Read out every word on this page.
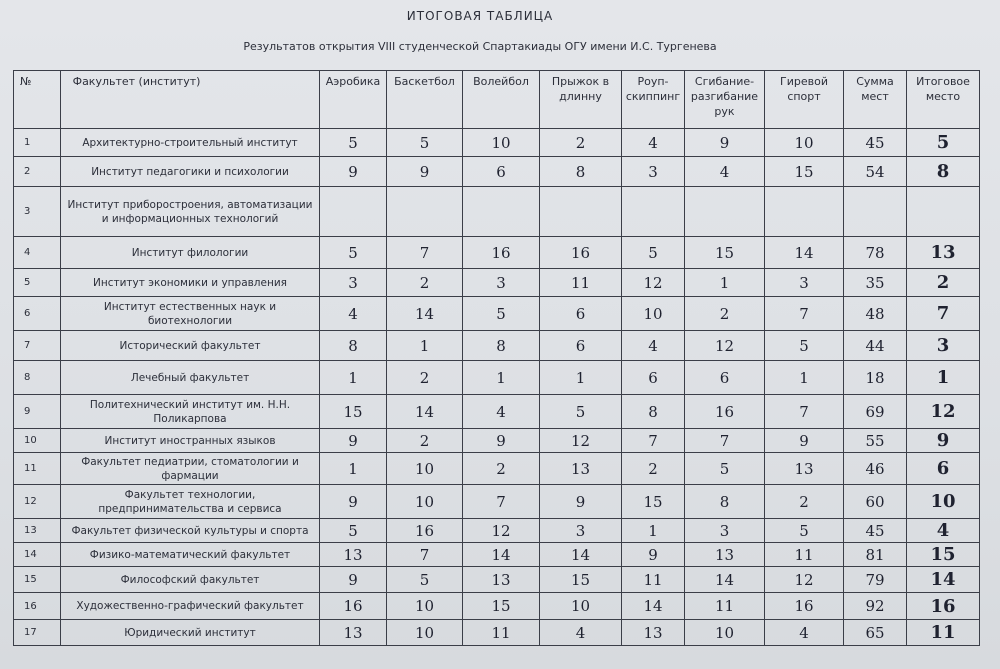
ИТОГОВАЯ ТАБЛИЦА
Результатов открытия VIII студенческой Спартакиады ОГУ имени И.С. Тургенева
№	Факультет (институт)	Аэробика	Баскетбол	Волейбол	Прыжок в длинну	Роуп-скиппинг	Сгибание-разгибание рук	Гиревой спорт	Сумма мест	Итоговое место
1	Архитектурно-строительный институт	5	5	10	2	4	9	10	45	5
2	Институт педагогики и психологии	9	9	6	8	3	4	15	54	8
3	Институт приборостроения, автоматизации и информационных технологий									
4	Институт филологии	5	7	16	16	5	15	14	78	13
5	Институт экономики и управления	3	2	3	11	12	1	3	35	2
6	Институт естественных наук и биотехнологии	4	14	5	6	10	2	7	48	7
7	Исторический факультет	8	1	8	6	4	12	5	44	3
8	Лечебный факультет	1	2	1	1	6	6	1	18	1
9	Политехнический институт им. Н.Н. Поликарпова	15	14	4	5	8	16	7	69	12
10	Институт иностранных языков	9	2	9	12	7	7	9	55	9
11	Факультет педиатрии, стоматологии и фармации	1	10	2	13	2	5	13	46	6
12	Факультет технологии, предпринимательства и сервиса	9	10	7	9	15	8	2	60	10
13	Факультет физической культуры и спорта	5	16	12	3	1	3	5	45	4
14	Физико-математический факультет	13	7	14	14	9	13	11	81	15
15	Философский факультет	9	5	13	15	11	14	12	79	14
16	Художественно-графический факультет	16	10	15	10	14	11	16	92	16
17	Юридический институт	13	10	11	4	13	10	4	65	11
